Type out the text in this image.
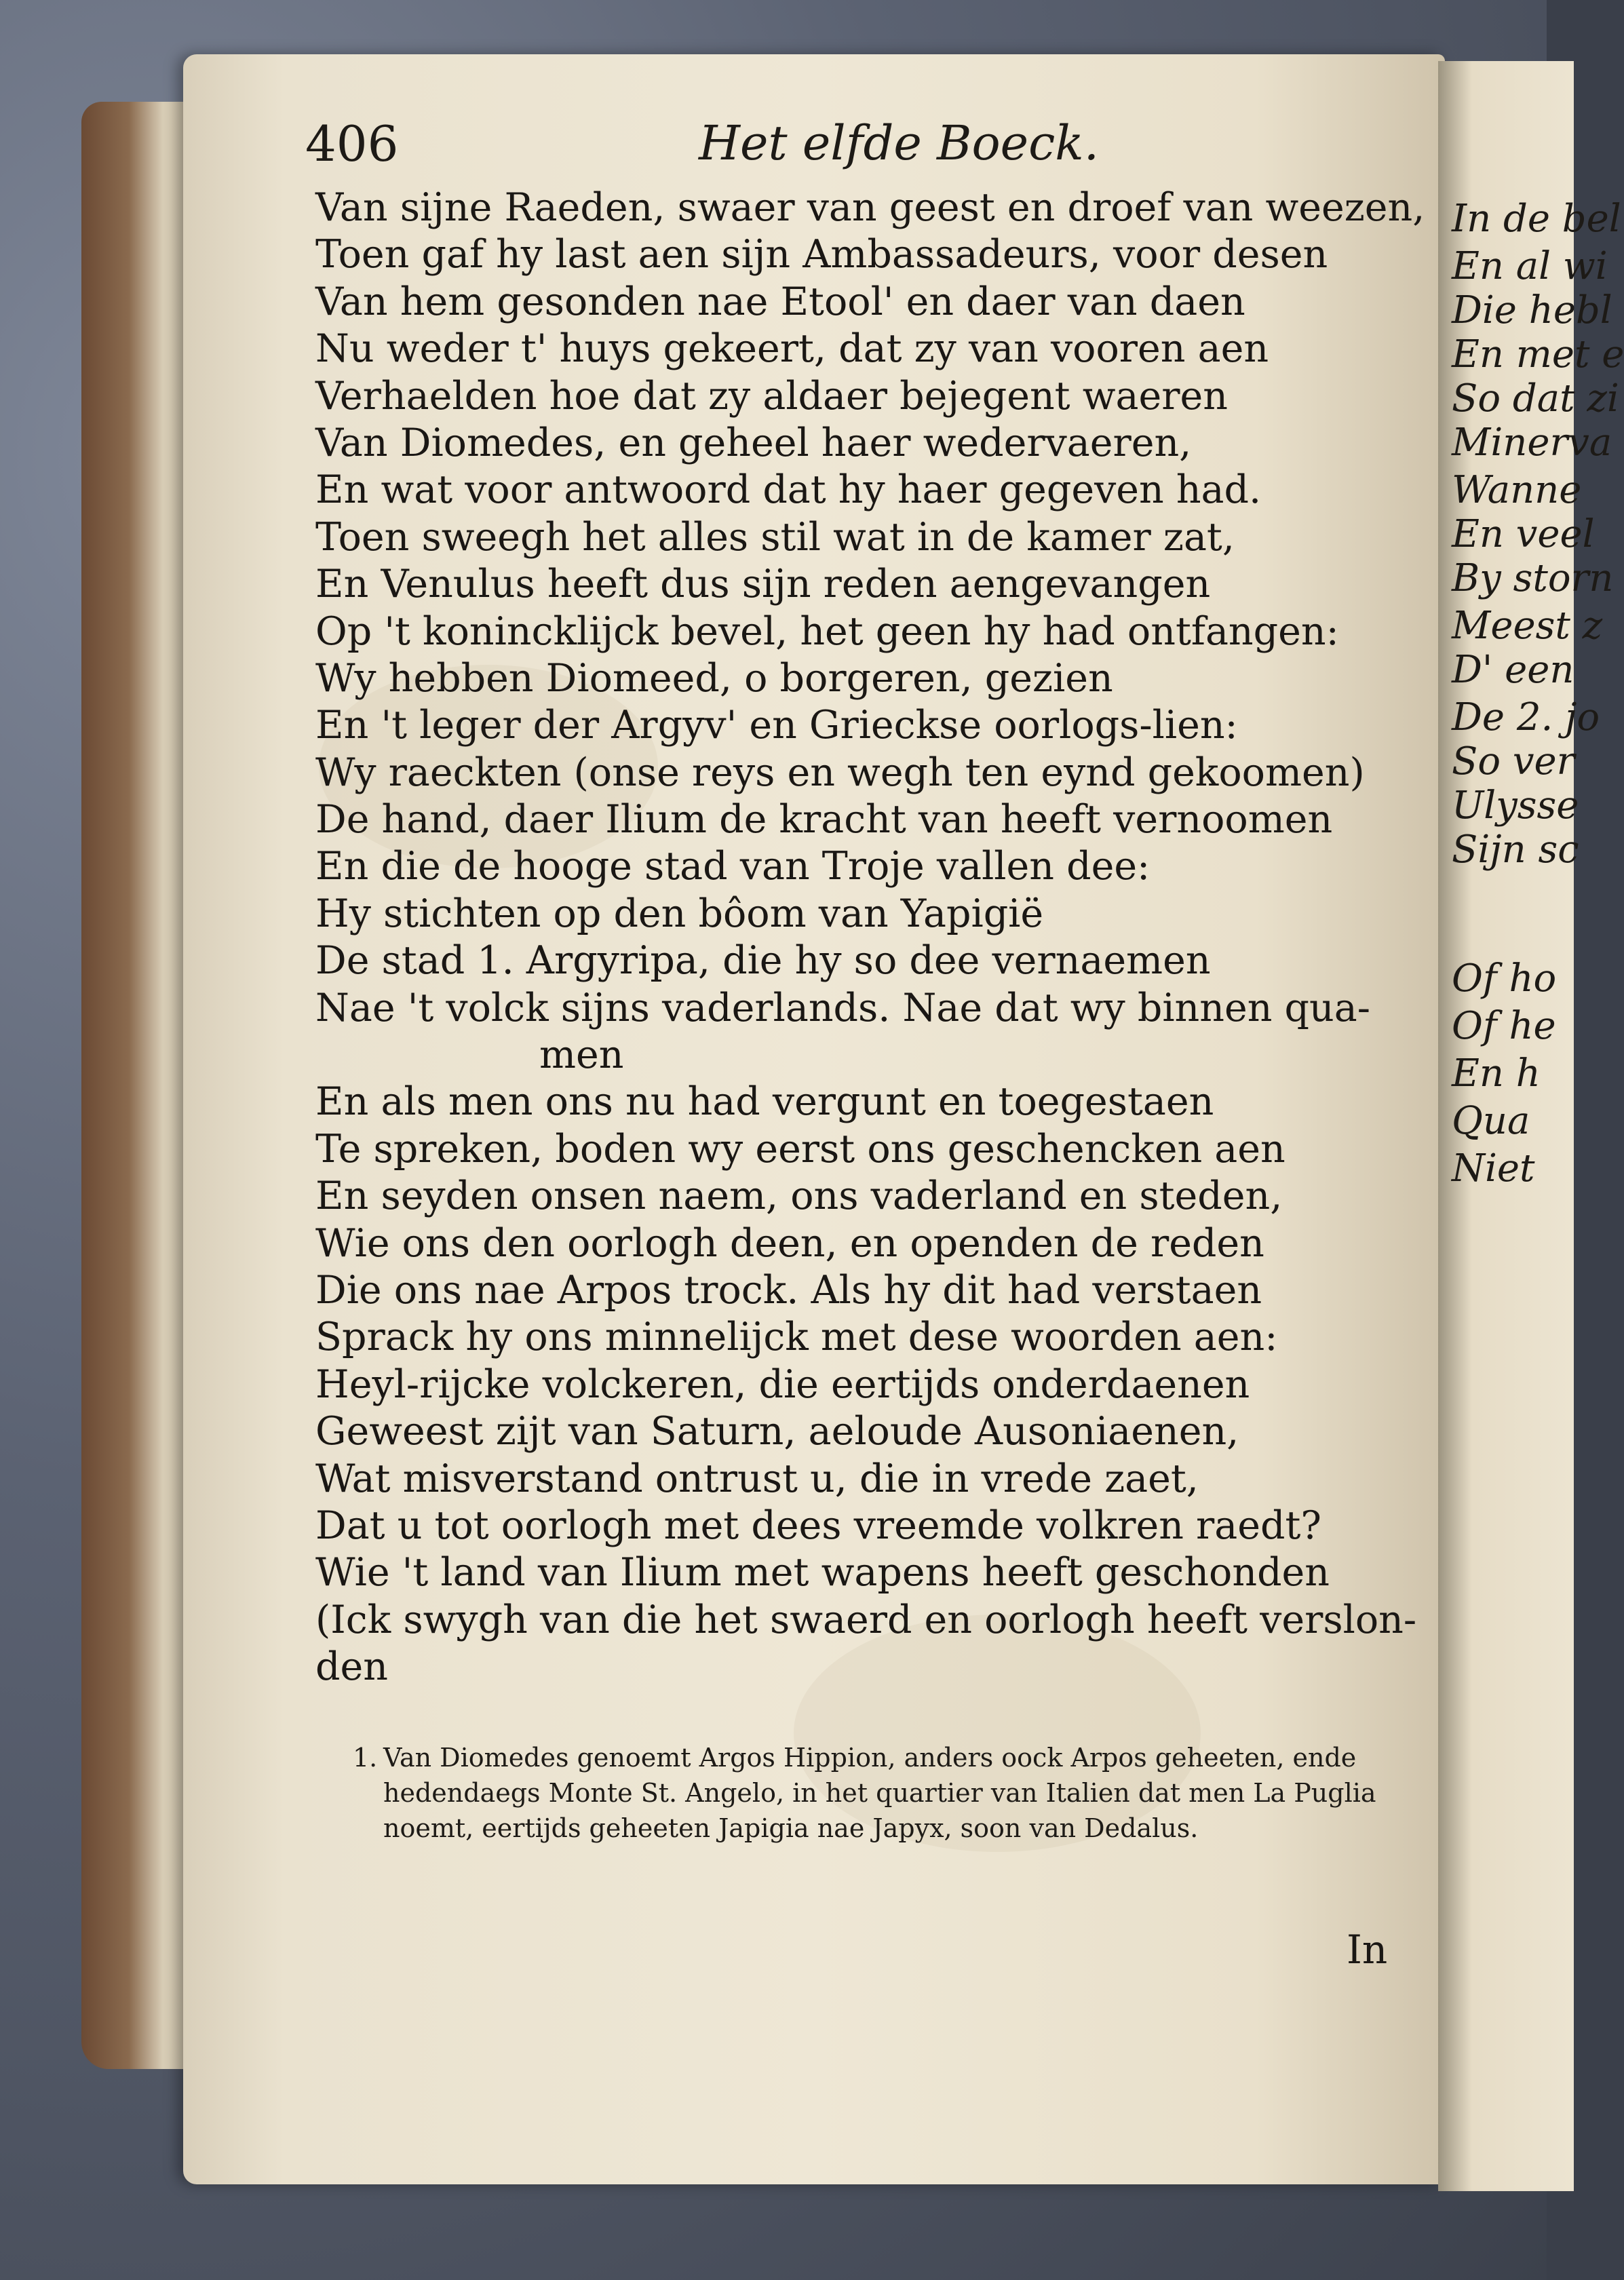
In de bel
En al wi
Die hebl
En met e
So dat zi
Minerva
Wanne
En veel
By storn
Meest z
D' een
De 2. jo
So ver
Ulysse
Sijn sc
Of ho
Of he
En h
Qua
Niet
406	Het elfde Boeck.
Van sijne Raeden, swaer van geest en droef van weezen,
Toen gaf hy last aen sijn Ambassadeurs, voor desen
Van hem gesonden nae Etool' en daer van daen
Nu weder t' huys gekeert, dat zy van vooren aen
Verhaelden hoe dat zy aldaer bejegent waeren
Van Diomedes, en geheel haer wedervaeren,
En wat voor antwoord dat hy haer gegeven had.
Toen sweegh het alles stil wat in de kamer zat,
En Venulus heeft dus sijn reden aengevangen
Op 't konincklijck bevel, het geen hy had ontfangen:
Wy hebben Diomeed, o borgeren, gezien
En 't leger der Argyv' en Grieckse oorlogs-lien:
Wy raeckten (onse reys en wegh ten eynd gekoomen)
De hand, daer Ilium de kracht van heeft vernoomen
En die de hooge stad van Troje vallen dee:
Hy stichten op den bôom van Yapigië
De stad 1. Argyripa, die hy so dee vernaemen
Nae 't volck sijns vaderlands. Nae dat wy binnen qua-
men
En als men ons nu had vergunt en toegestaen
Te spreken, boden wy eerst ons geschencken aen
En seyden onsen naem, ons vaderland en steden,
Wie ons den oorlogh deen, en openden de reden
Die ons nae Arpos trock. Als hy dit had verstaen
Sprack hy ons minnelijck met dese woorden aen:
Heyl-rijcke volckeren, die eertijds onderdaenen
Geweest zijt van Saturn, aeloude Ausoniaenen,
Wat misverstand ontrust u, die in vrede zaet,
Dat u tot oorlogh met dees vreemde volkren raedt?
Wie 't land van Ilium met wapens heeft geschonden
(Ick swygh van die het swaerd en oorlogh heeft verslon-
den
1. Van Diomedes genoemt Argos Hippion, anders oock Arpos geheeten, ende hedendaegs Monte St. Angelo, in het quartier van Italien dat men La Puglia noemt, eertijds geheeten Japigia nae Japyx, soon van Dedalus.
In
